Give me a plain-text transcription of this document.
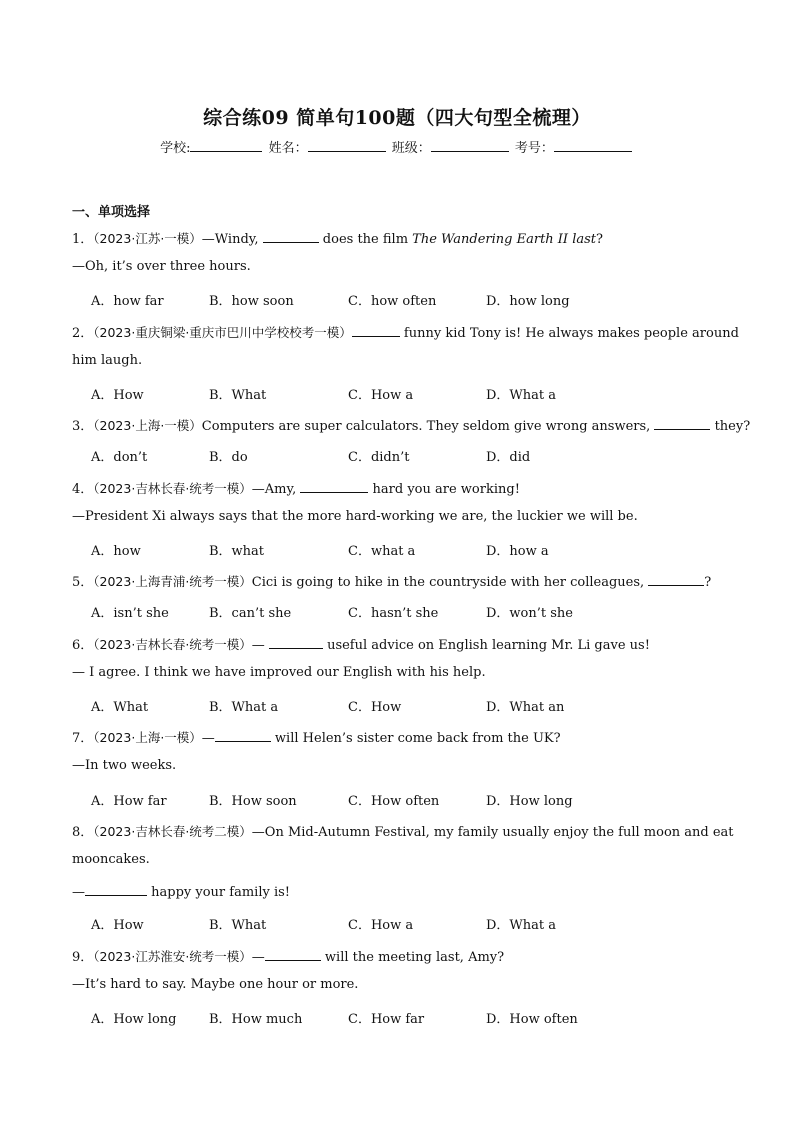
综合练09 简单句100题（四大句型全梳理）
学校:	姓名：	班级：	考号：
一、单项选择
1．（2023·江苏·一模）—Windy,	does the film The Wandering Earth II last?
—Oh, it’s over three hours.
A．how far	B．how soon	C．how often	D．how long
2．（2023·重庆铜梁·重庆市巴川中学校校考一模）	funny kid Tony is! He always makes people around
him laugh.
A．How	B．What	C．How a	D．What a
3．（2023·上海·一模）Computers are super calculators. They seldom give wrong answers,	they?
A．don’t	B．do	C．didn’t	D．did
4．（2023·吉林长春·统考一模）—Amy,	hard you are working!
—President Xi always says that the more hard-working we are, the luckier we will be.
A．how	B．what	C．what a	D．how a
5．（2023·上海青浦·统考一模）Cici is going to hike in the countryside with her colleagues,	?
A．isn’t she	B．can’t she	C．hasn’t she	D．won’t she
6．（2023·吉林长春·统考一模）—	useful advice on English learning Mr. Li gave us!
— I agree. I think we have improved our English with his help.
A．What	B．What a	C．How	D．What an
7．（2023·上海·一模）—	will Helen’s sister come back from the UK?
—In two weeks.
A．How far	B．How soon	C．How often	D．How long
8．（2023·吉林长春·统考二模）—On Mid-Autumn Festival, my family usually enjoy the full moon and eat
mooncakes.
—	happy your family is!
A．How	B．What	C．How a	D．What a
9．（2023·江苏淮安·统考一模）—	will the meeting last, Amy?
—It’s hard to say. Maybe one hour or more.
A．How long	B．How much	C．How far	D．How often
